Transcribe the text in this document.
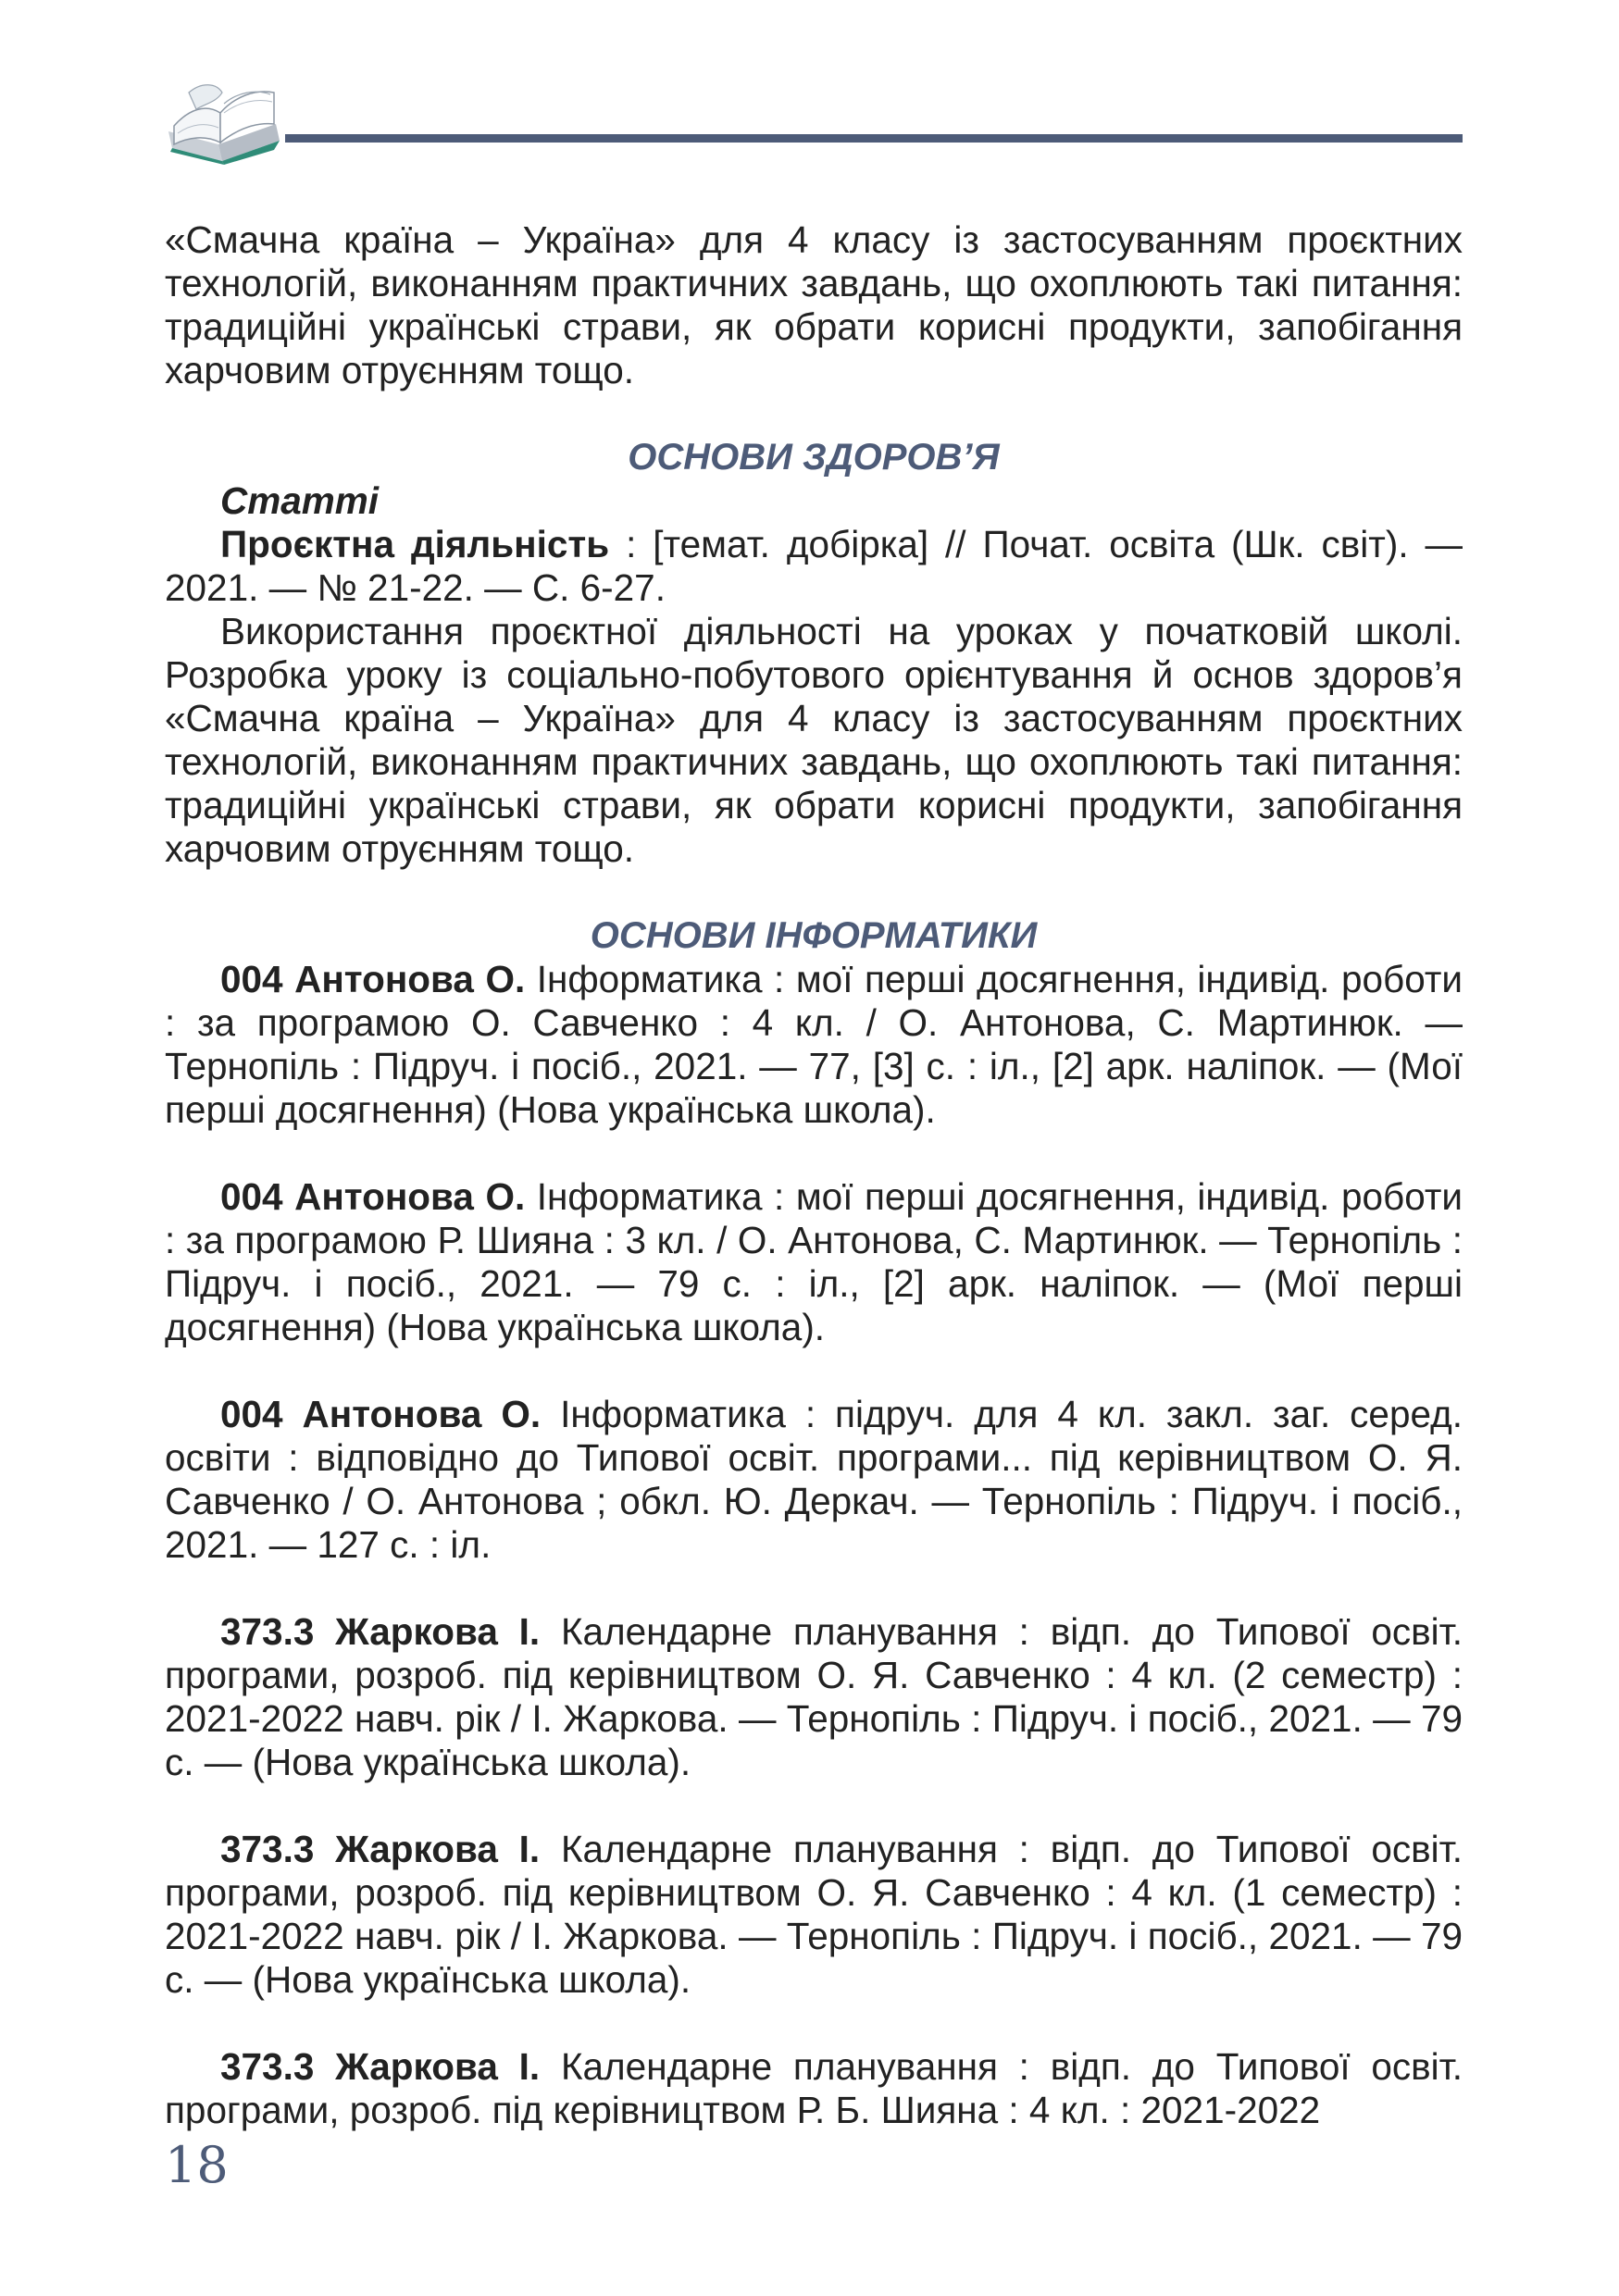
«Смачна країна – Україна» для 4 класу із застосуванням проєктних технологій, виконанням практичних завдань, що охоплюють такі питання: традиційні українські страви, як обрати корисні продукти, запобігання харчовим отруєнням тощо.

ОСНОВИ ЗДОРОВ’Я

Статті

Проєктна діяльність : [темат. добірка] // Почат. освіта (Шк. світ). — 2021. — № 21-22. — С. 6-27.

Використання проєктної діяльності на уроках у початковій школі. Розробка уроку із соціально-побутового орієнтування й основ здоров’я «Смачна країна – Україна» для 4 класу із застосуванням проєктних технологій, виконанням практичних завдань, що охоплюють такі питання: традиційні українські страви, як обрати корисні продукти, запобігання харчовим отруєнням тощо.

ОСНОВИ ІНФОРМАТИКИ

004 Антонова О. Інформатика : мої перші досягнення, індивід. роботи : за програмою О. Савченко : 4 кл. / О. Антонова, С. Мартинюк. — Тернопіль : Підруч. і посіб., 2021. — 77, [3] с. : іл., [2] арк. наліпок. — (Мої перші досягнення) (Нова українська школа).

004 Антонова О. Інформатика : мої перші досягнення, індивід. роботи : за програмою Р. Шияна : 3 кл. / О. Антонова, С. Мартинюк. — Тернопіль : Підруч. і посіб., 2021. — 79 с. : іл., [2] арк. наліпок. — (Мої перші досягнення) (Нова українська школа).

004 Антонова О. Інформатика : підруч. для 4 кл. закл. заг. серед. освіти : відповідно до Типової освіт. програми... під керівництвом О. Я. Савченко / О. Антонова ; обкл. Ю. Деркач. — Тернопіль : Підруч. і посіб., 2021. — 127 с. : іл.

373.3 Жаркова І. Календарне планування : відп. до Типової освіт. програми, розроб. під керівництвом О. Я. Савченко : 4 кл. (2 семестр) : 2021-2022 навч. рік / І. Жаркова. — Тернопіль : Підруч. і посіб., 2021. — 79 с. — (Нова українська школа).

373.3 Жаркова І. Календарне планування : відп. до Типової освіт. програми, розроб. під керівництвом О. Я. Савченко : 4 кл. (1 семестр) : 2021-2022 навч. рік / І. Жаркова. — Тернопіль : Підруч. і посіб., 2021. — 79 с. — (Нова українська школа).

373.3 Жаркова І. Календарне планування : відп. до Типової освіт. програми, розроб. під керівництвом Р. Б. Шияна : 4 кл. : 2021-2022

18
